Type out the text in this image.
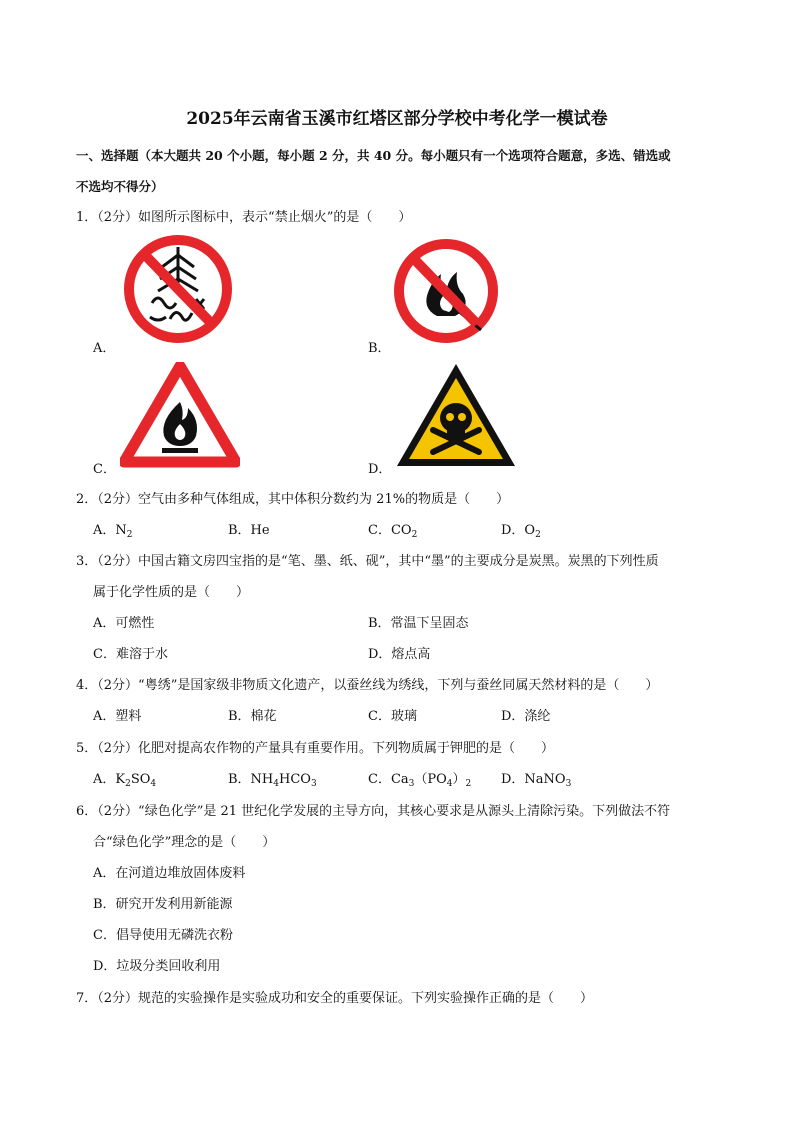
2025年云南省玉溪市红塔区部分学校中考化学一模试卷
一、选择题（本大题共 20 个小题，每小题 2 分，共 40 分。每小题只有一个选项符合题意，多选、错选或
不选均不得分）
1．（2分）如图所示图标中，表示“禁止烟火”的是（　　）
A．	B．
C．	D．
2．（2分）空气由多种气体组成，其中体积分数约为 21%的物质是（　　）
A．$N_2$	B．He	C．$CO_2$	D．$O_2$
3．（2分）中国古籍文房四宝指的是“笔、墨、纸、砚”，其中“墨”的主要成分是炭黑。炭黑的下列性质
属于化学性质的是（　　）
A．可燃性	B．常温下呈固态
C．难溶于水	D．熔点高
4．（2分）“粤绣”是国家级非物质文化遗产，以蚕丝线为绣线，下列与蚕丝同属天然材料的是（　　）
A．塑料	B．棉花	C．玻璃	D．涤纶
5．（2分）化肥对提高农作物的产量具有重要作用。下列物质属于钾肥的是（　　）
A．$K_2SO_4$	B．$NH_4HCO_3$	C．$Ca_3(PO_4)_2$ D．NaNO$_3$
6．（2分）“绿色化学”是 21 世纪化学发展的主导方向，其核心要求是从源头上清除污染。下列做法不符
合“绿色化学”理念的是（　　）
A．在河道边堆放固体废料
B．研究开发利用新能源
C．倡导使用无磷洗衣粉
D．垃圾分类回收利用
7．（2分）规范的实验操作是实验成功和安全的重要保证。下列实验操作正确的是（　　）
